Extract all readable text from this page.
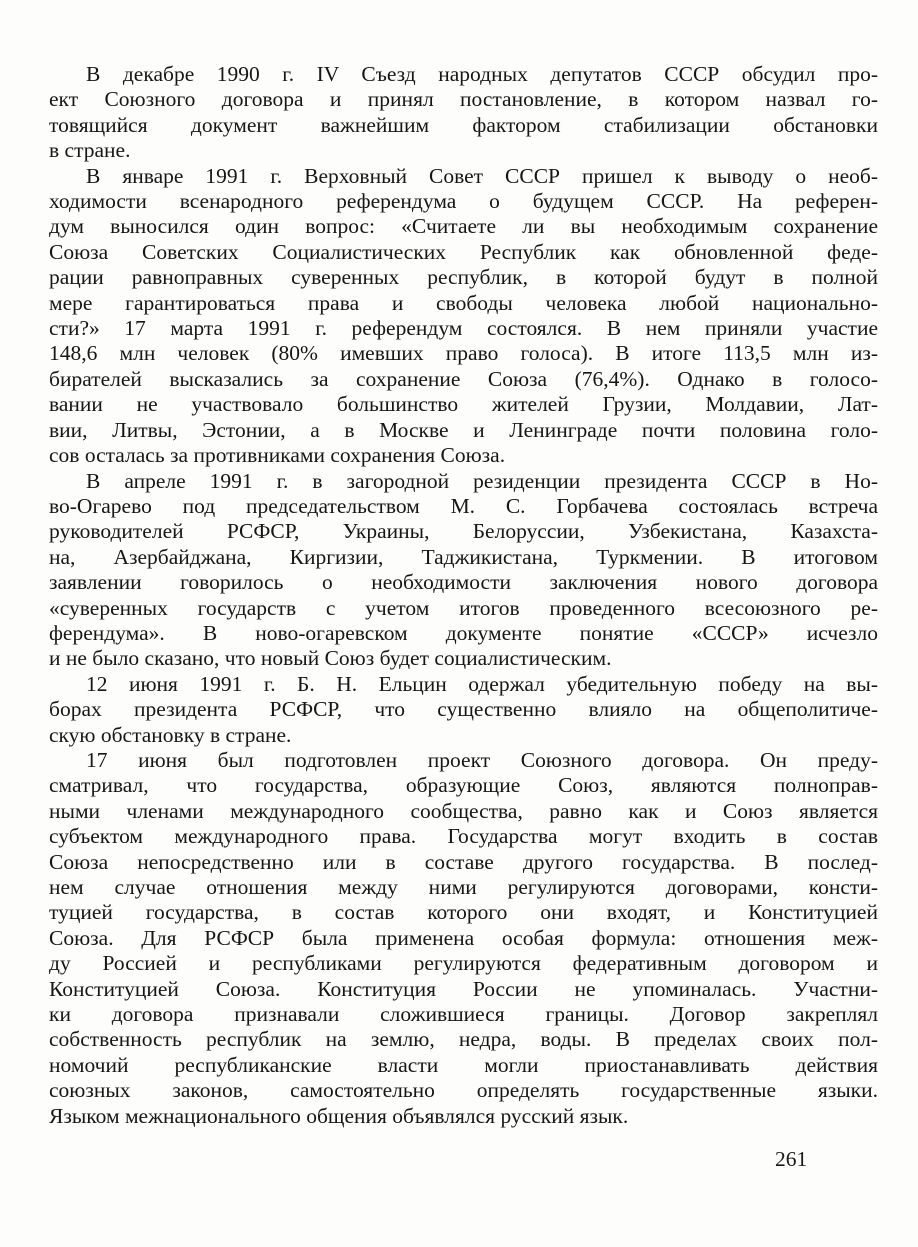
В декабре 1990 г. IV Съезд народных депутатов СССР обсудил про-
ект Союзного договора и принял постановление, в котором назвал го-
товящийся документ важнейшим фактором стабилизации обстановки
в стране.

В январе 1991 г. Верховный Совет СССР пришел к выводу о необ-
ходимости всенародного референдума о будущем СССР. На референ-
дум выносился один вопрос: «Считаете ли вы необходимым сохранение
Союза Советских Социалистических Республик как обновленной феде-
рации равноправных суверенных республик, в которой будут в полной
мере гарантироваться права и свободы человека любой национально-
сти?» 17 марта 1991 г. референдум состоялся. В нем приняли участие
148,6 млн человек (80% имевших право голоса). В итоге 113,5 млн из-
бирателей высказались за сохранение Союза (76,4%). Однако в голосо-
вании не участвовало большинство жителей Грузии, Молдавии, Лат-
вии, Литвы, Эстонии, а в Москве и Ленинграде почти половина голо-
сов осталась за противниками сохранения Союза.

В апреле 1991 г. в загородной резиденции президента СССР в Но-
во-Огарево под председательством М. С. Горбачева состоялась встреча
руководителей РСФСР, Украины, Белоруссии, Узбекистана, Казахста-
на, Азербайджана, Киргизии, Таджикистана, Туркмении. В итоговом
заявлении говорилось о необходимости заключения нового договора
«суверенных государств с учетом итогов проведенного всесоюзного ре-
ферендума». В ново-огаревском документе понятие «СССР» исчезло
и не было сказано, что новый Союз будет социалистическим.

12 июня 1991 г. Б. Н. Ельцин одержал убедительную победу на вы-
борах президента РСФСР, что существенно влияло на общеполитиче-
скую обстановку в стране.

17 июня был подготовлен проект Союзного договора. Он преду-
сматривал, что государства, образующие Союз, являются полноправ-
ными членами международного сообщества, равно как и Союз является
субъектом международного права. Государства могут входить в состав
Союза непосредственно или в составе другого государства. В послед-
нем случае отношения между ними регулируются договорами, консти-
туцией государства, в состав которого они входят, и Конституцией
Союза. Для РСФСР была применена особая формула: отношения меж-
ду Россией и республиками регулируются федеративным договором и
Конституцией Союза. Конституция России не упоминалась. Участни-
ки договора признавали сложившиеся границы. Договор закреплял
собственность республик на землю, недра, воды. В пределах своих пол-
номочий республиканские власти могли приостанавливать действия
союзных законов, самостоятельно определять государственные языки.
Языком межнационального общения объявлялся русский язык.

261
